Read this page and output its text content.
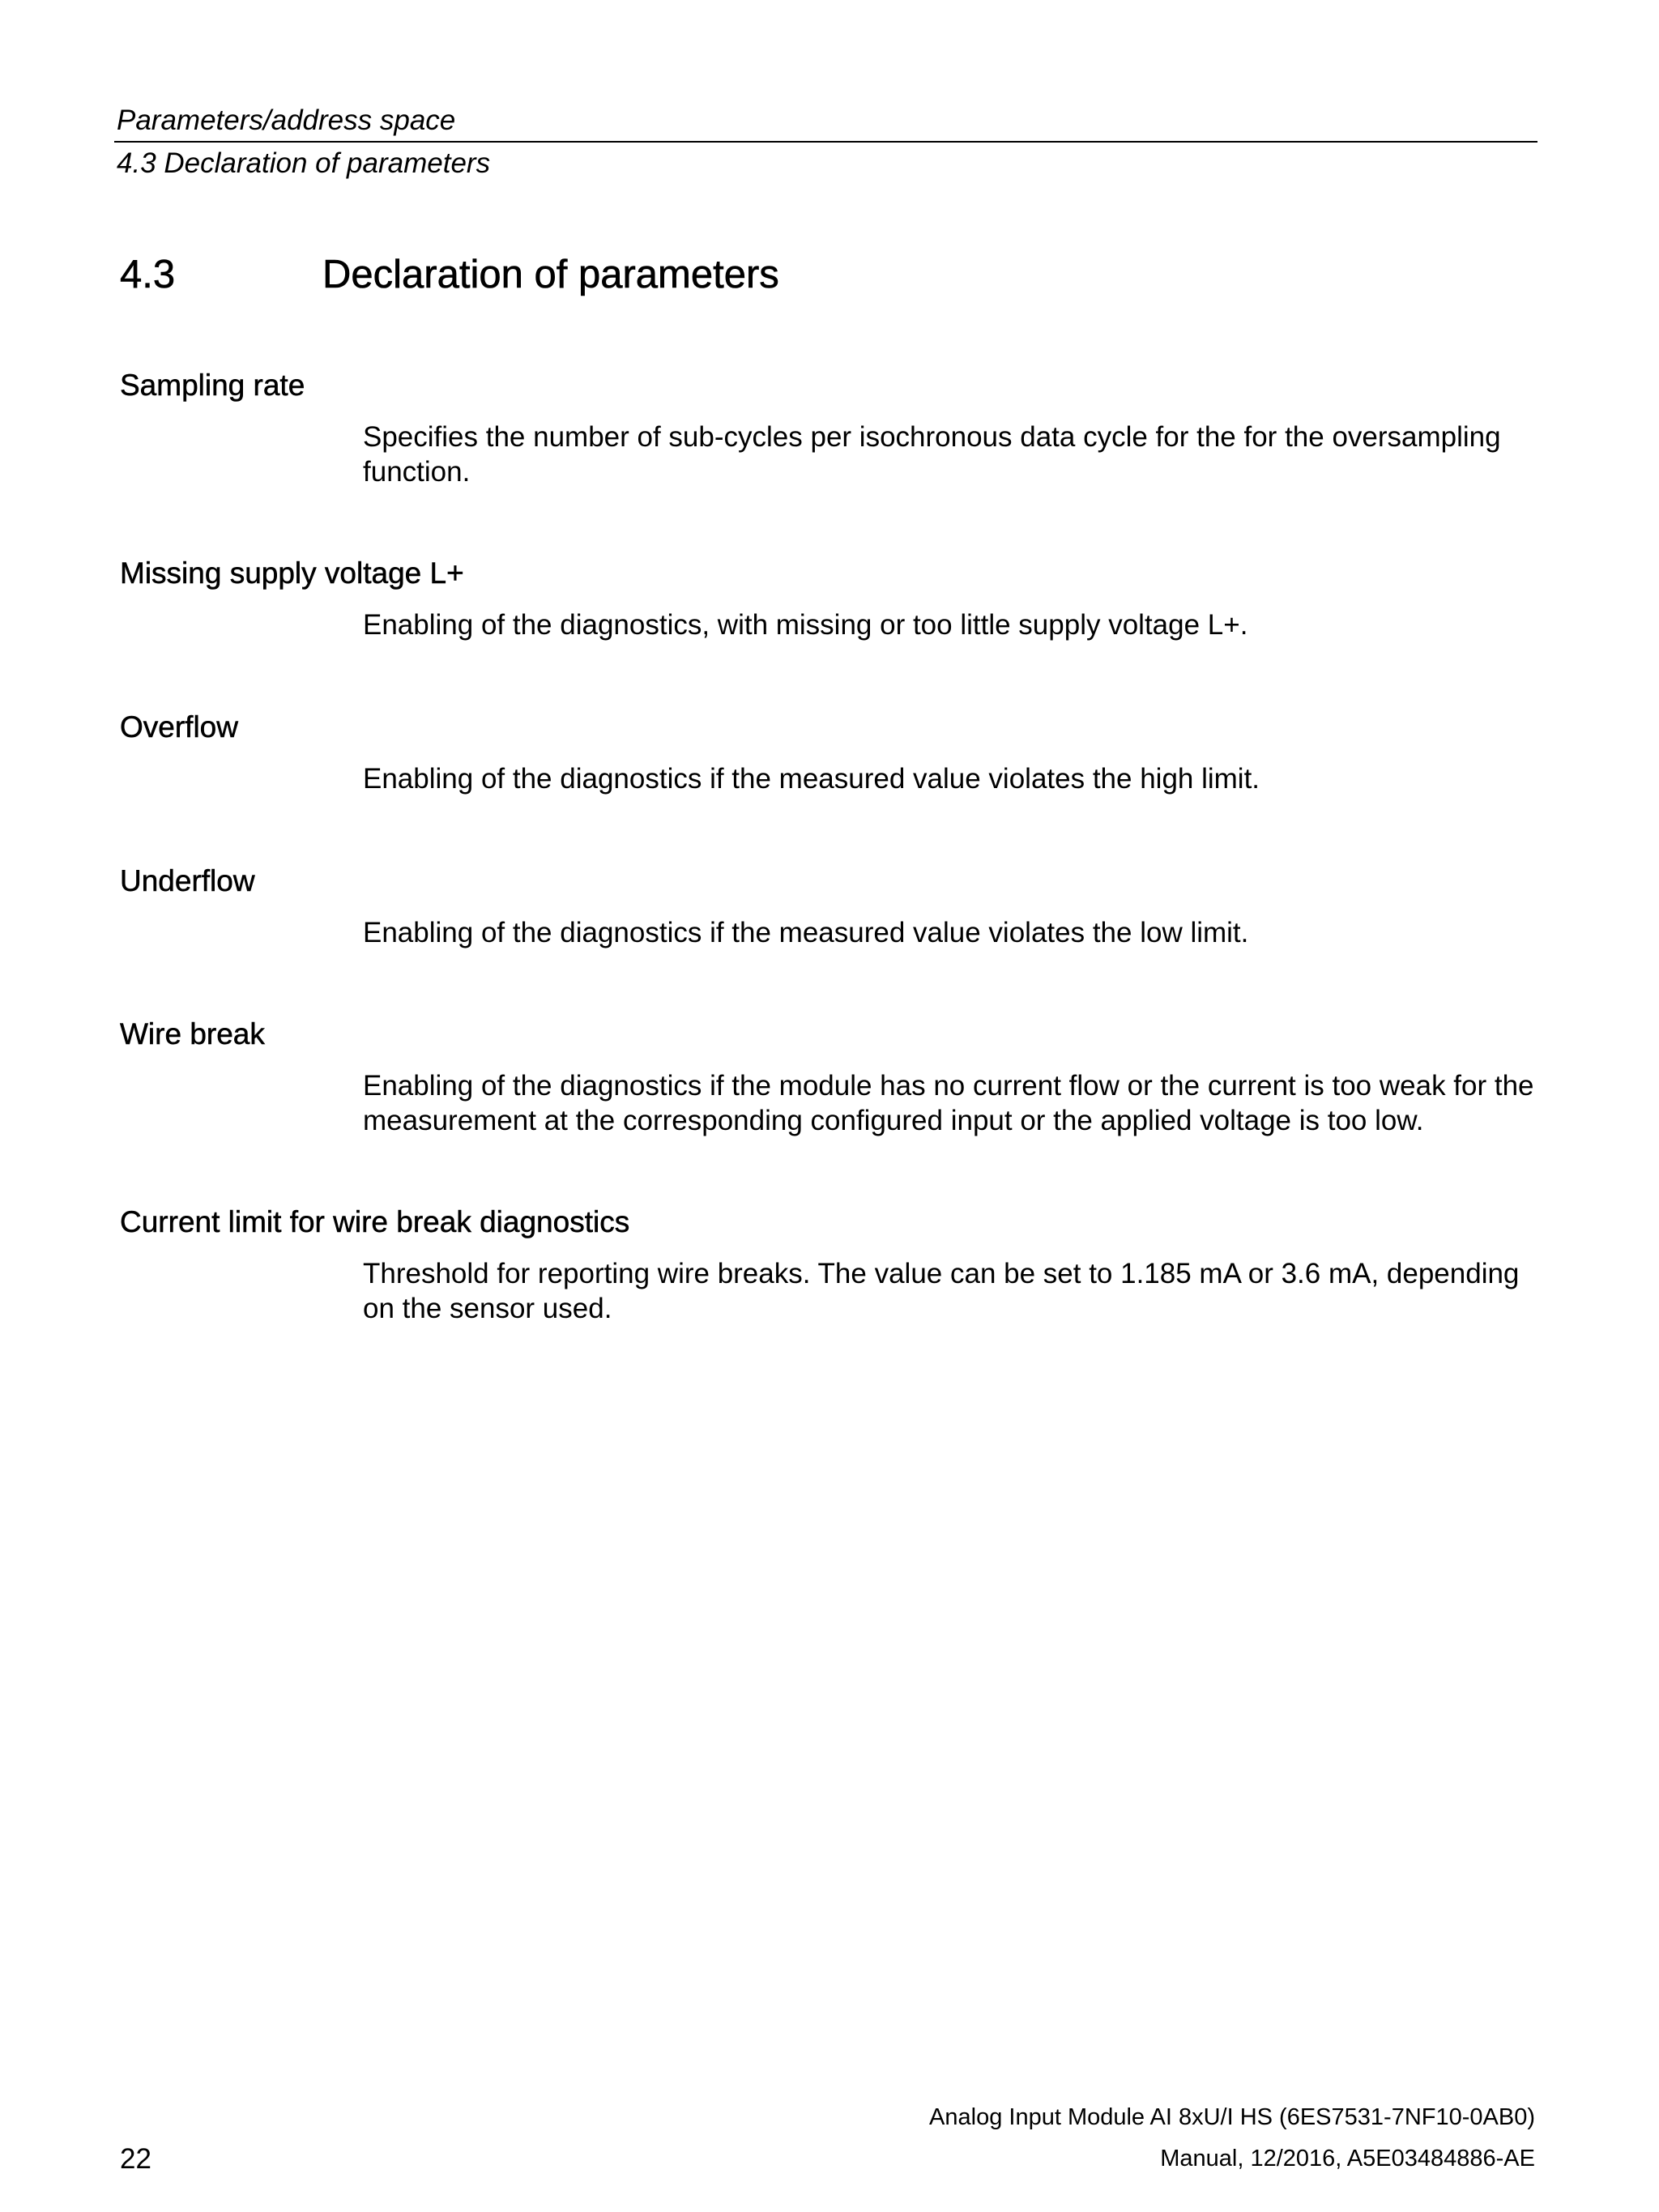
Parameters/address space
4.3 Declaration of parameters
4.3	Declaration of parameters
Sampling rate
Specifies the number of sub-cycles per isochronous data cycle for the for the oversampling function.
Missing supply voltage L+
Enabling of the diagnostics, with missing or too little supply voltage L+.
Overflow
Enabling of the diagnostics if the measured value violates the high limit.
Underflow
Enabling of the diagnostics if the measured value violates the low limit.
Wire break
Enabling of the diagnostics if the module has no current flow or the current is too weak for the measurement at the corresponding configured input or the applied voltage is too low.
Current limit for wire break diagnostics
Threshold for reporting wire breaks. The value can be set to 1.185 mA or 3.6 mA, depending on the sensor used.
Analog Input Module AI 8xU/I HS (6ES7531-7NF10-0AB0)
Manual, 12/2016, A5E03484886-AE
22
